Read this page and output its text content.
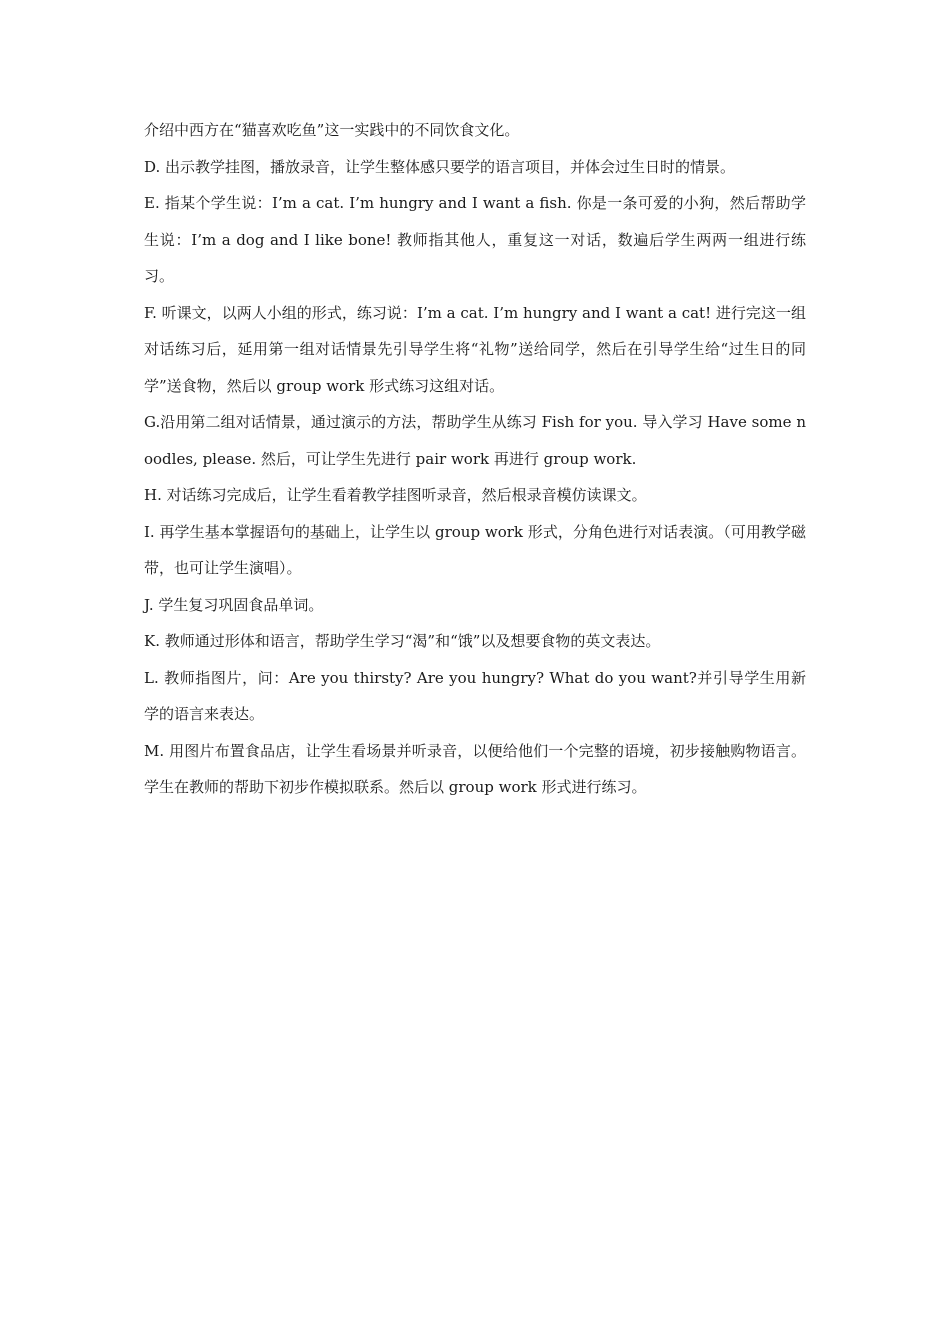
介绍中西方在“猫喜欢吃鱼”这一实践中的不同饮食文化。

D. 出示教学挂图，播放录音，让学生整体感只要学的语言项目，并体会过生日时的情景。

E. 指某个学生说：I’m a cat. I’m hungry and I want a fish. 你是一条可爱的小狗，然后帮助学生说：I’m a dog and I like bone! 教师指其他人，重复这一对话，数遍后学生两两一组进行练习。

F. 听课文，以两人小组的形式，练习说：I’m a cat. I’m hungry and I want a cat! 进行完这一组对话练习后，延用第一组对话情景先引导学生将“礼物”送给同学，然后在引导学生给“过生日的同学”送食物，然后以 group work 形式练习这组对话。

G.沿用第二组对话情景，通过演示的方法，帮助学生从练习 Fish for you. 导入学习 Have some noodles, please. 然后，可让学生先进行 pair work 再进行 group work.

H. 对话练习完成后，让学生看着教学挂图听录音，然后根录音模仿读课文。

I. 再学生基本掌握语句的基础上，让学生以 group work 形式，分角色进行对话表演。（可用教学磁带，也可让学生演唱）。

J. 学生复习巩固食品单词。

K. 教师通过形体和语言，帮助学生学习“渴”和“饿”以及想要食物的英文表达。

L. 教师指图片，问：Are you thirsty? Are you hungry? What do you want?并引导学生用新学的语言来表达。

M. 用图片布置食品店，让学生看场景并听录音，以便给他们一个完整的语境，初步接触购物语言。学生在教师的帮助下初步作模拟联系。然后以 group work 形式进行练习。
